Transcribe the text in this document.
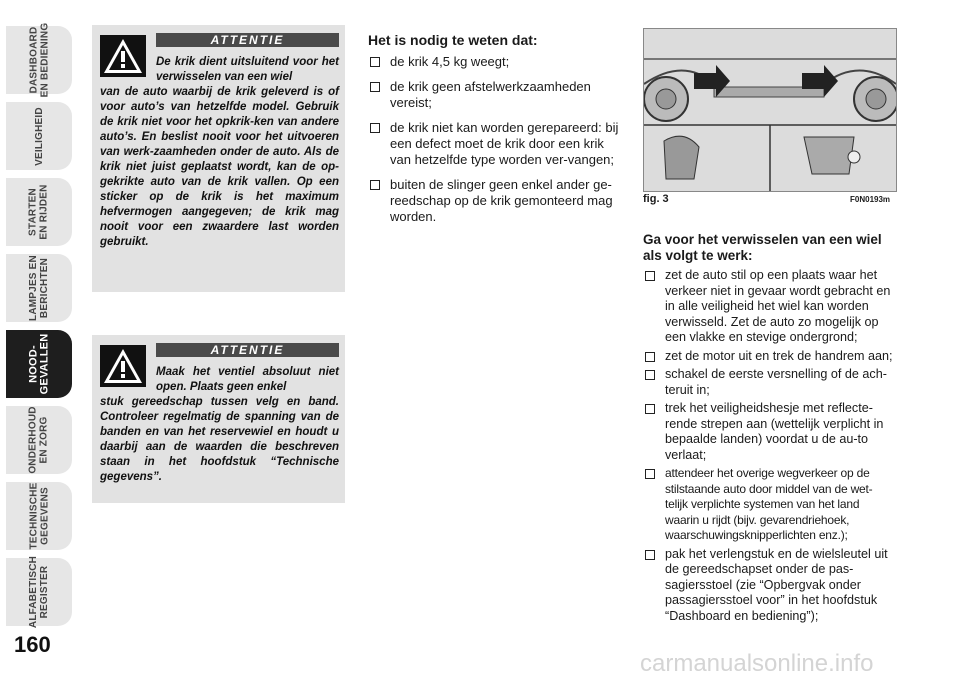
DASHBOARD
EN BEDIENING
VEILIGHEID
STARTEN
EN RIJDEN
LAMPJES EN
BERICHTEN
NOOD-
GEVALLEN
ONDERHOUD
EN ZORG
TECHNISCHE
GEGEVENS
ALFABETISCH
REGISTER
160
ATTENTIE
De krik dient uitsluitend voor het verwisselen van een wiel
van de auto waarbij de krik geleverd is of voor auto’s van hetzelfde model. Gebruik de krik niet voor het opkrik-ken van andere auto’s. En beslist nooit voor het uitvoeren van werk-zaamheden onder de auto. Als de krik niet juist geplaatst wordt, kan de op-gekrikte auto van de krik vallen. Op een sticker op de krik is het maximum hefvermogen aangegeven; de krik mag nooit voor een zwaardere last worden gebruikt.
ATTENTIE
Maak het ventiel absoluut niet open. Plaats geen enkel
stuk gereedschap tussen velg en band. Controleer regelmatig de spanning van de banden en van het reservewiel en houdt u daarbij aan de waarden die beschreven staan in het hoofdstuk “Technische gegevens”.
Het is nodig te weten dat:
de krik 4,5 kg weegt;
de krik geen afstelwerkzaamheden vereist;
de krik niet kan worden gerepareerd: bij een defect moet de krik door een krik van hetzelfde type worden ver-vangen;
buiten de slinger geen enkel ander ge-reedschap op de krik gemonteerd mag worden.
fig. 3	F0N0193m
Ga voor het verwisselen van een wiel als volgt te werk:
zet de auto stil op een plaats waar het verkeer niet in gevaar wordt gebracht en in alle veiligheid het wiel kan worden verwisseld. Zet de auto zo mogelijk op een vlakke en stevige ondergrond;
zet de motor uit en trek de handrem aan;
schakel de eerste versnelling of de ach-teruit in;
trek het veiligheidshesje met reflecte-rende strepen aan (wettelijk verplicht in bepaalde landen) voordat u de au-to verlaat;
attendeer het overige wegverkeer op de stilstaande auto door middel van de wet-telijk verplichte systemen van het land waarin u rijdt (bijv. gevarendriehoek, waarschuwingsknipperlichten enz.);
pak het verlengstuk en de wielsleutel uit de gereedschapset onder de pas-sagiersstoel (zie “Opbergvak onder passagiersstoel voor” in het hoofdstuk “Dashboard en bediening”);
carmanualsonline.info
